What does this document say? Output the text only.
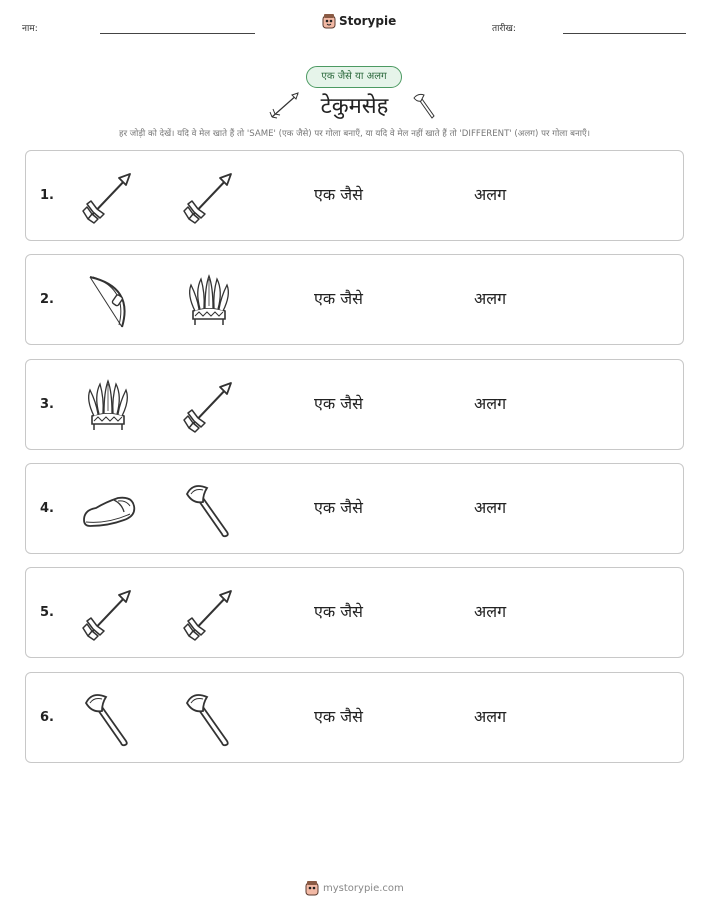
नाम:
Storypie
तारीख:
एक जैसे या अलग
टेकुमसेह
हर जोड़ी को देखें। यदि वे मेल खाते हैं तो 'SAME' (एक जैसे) पर गोला बनाएँ, या यदि वे मेल नहीं खाते हैं तो 'DIFFERENT' (अलग) पर गोला बनाएँ।
1.	एक जैसे	अलग
2.	एक जैसे	अलग
3.	एक जैसे	अलग
4.	एक जैसे	अलग
5.	एक जैसे	अलग
6.	एक जैसे	अलग
mystorypie.com
